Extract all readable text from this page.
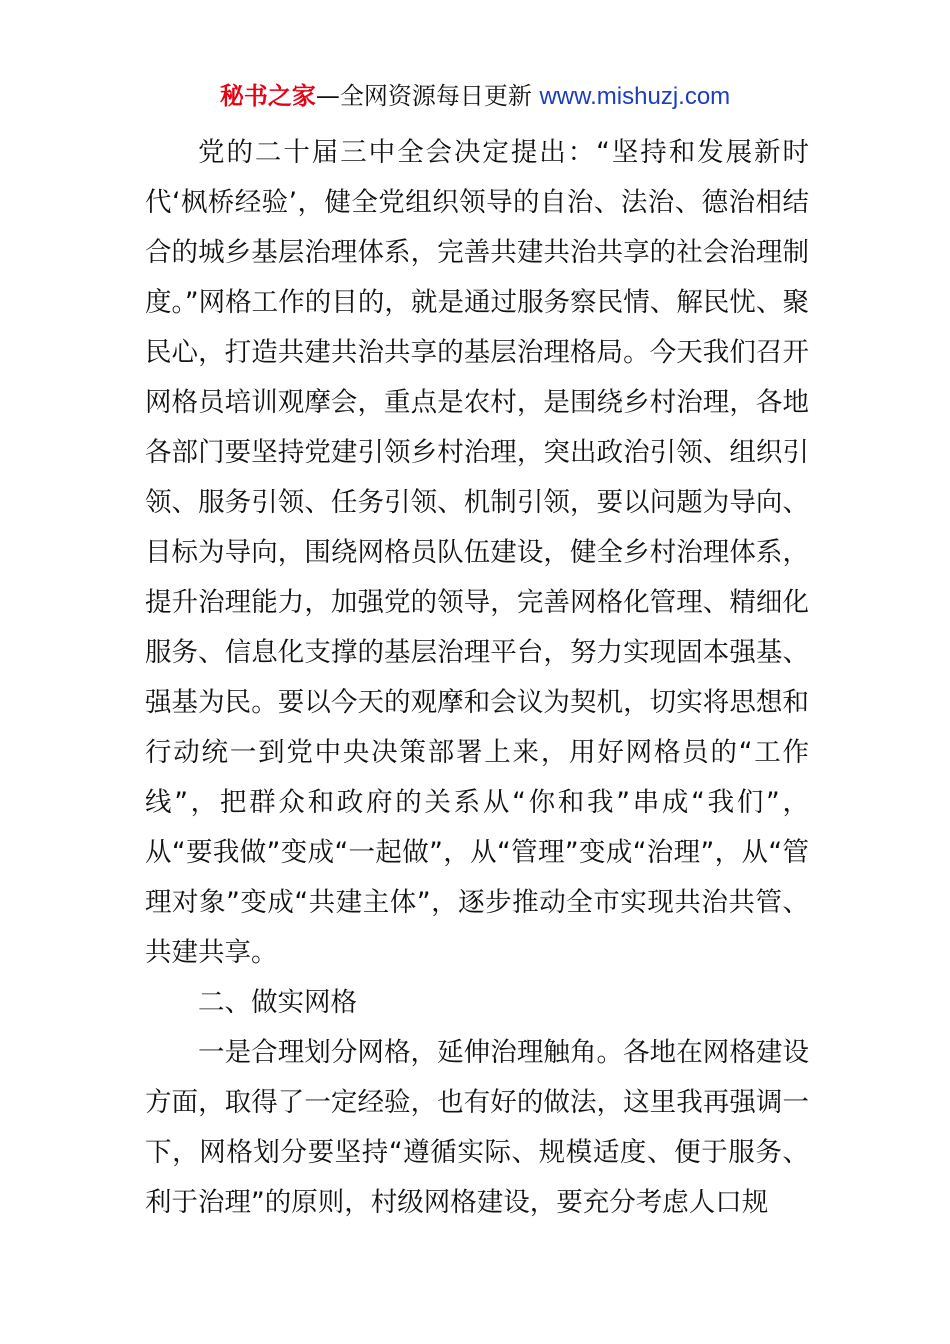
秘书之家—全网资源每日更新 www.mishuzj.com

党的二十届三中全会决定提出：“坚持和发展新时代‘枫桥经验’，健全党组织领导的自治、法治、德治相结合的城乡基层治理体系，完善共建共治共享的社会治理制度。”网格工作的目的，就是通过服务察民情、解民忧、聚民心，打造共建共治共享的基层治理格局。今天我们召开网格员培训观摩会，重点是农村，是围绕乡村治理，各地各部门要坚持党建引领乡村治理，突出政治引领、组织引领、服务引领、任务引领、机制引领，要以问题为导向、目标为导向，围绕网格员队伍建设，健全乡村治理体系，提升治理能力，加强党的领导，完善网格化管理、精细化服务、信息化支撑的基层治理平台，努力实现固本强基、强基为民。要以今天的观摩和会议为契机，切实将思想和行动统一到党中央决策部署上来，用好网格员的“工作线”，把群众和政府的关系从“你和我”串成“我们”，从“要我做”变成“一起做”，从“管理”变成“治理”，从“管理对象”变成“共建主体”，逐步推动全市实现共治共管、共建共享。

二、做实网格

一是合理划分网格，延伸治理触角。各地在网格建设方面，取得了一定经验，也有好的做法，这里我再强调一下，网格划分要坚持“遵循实际、规模适度、便于服务、利于治理”的原则，村级网格建设，要充分考虑人口规
